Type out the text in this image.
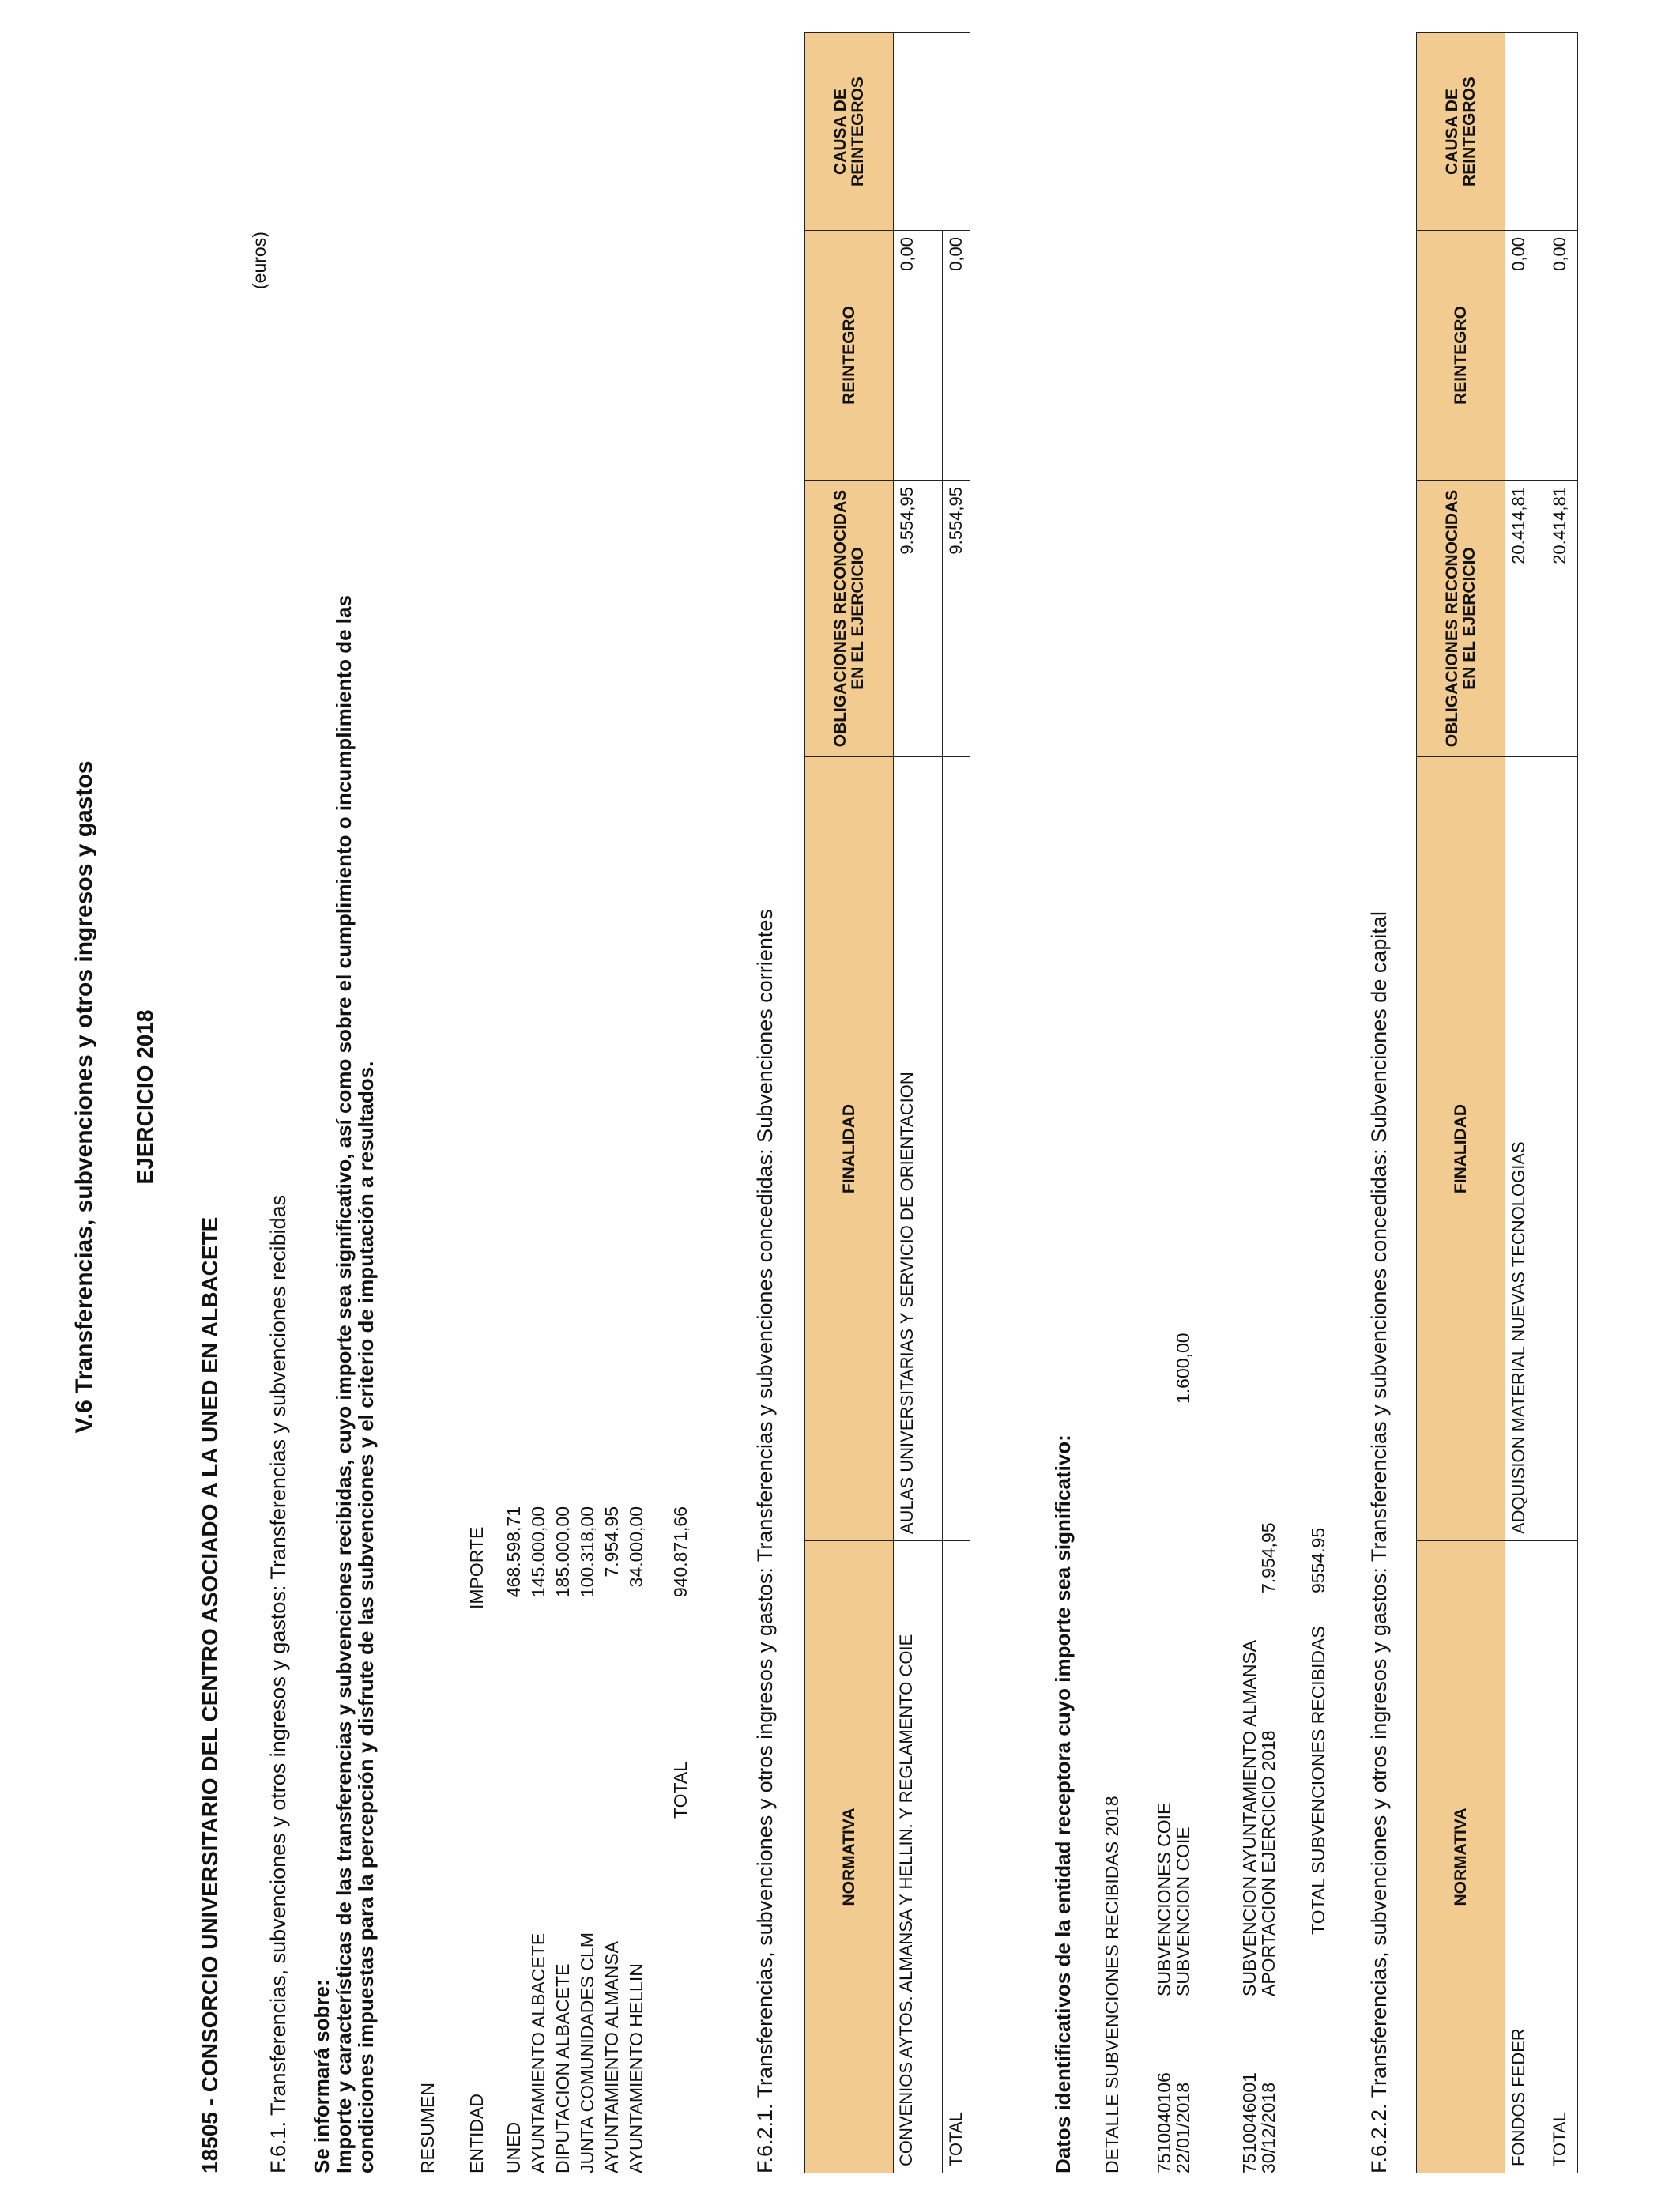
V.6 Transferencias, subvenciones y otros ingresos y gastos EJERCICIO 2018
(euros)
18505 - CONSORCIO UNIVERSITARIO DEL CENTRO ASOCIADO A LA UNED EN ALBACETE F.6.1. Transferencias, subvenciones y otros ingresos y gastos: Transferencias y subvenciones recibidas Se informará sobre:
Importe y características de las transferencias y subvenciones recibidas, cuyo importe sea significativo, así como sobre el cumplimiento o incumplimiento de las
condiciones impuestas para la percepción y disfrute de las subvenciones y el criterio de imputación a resultados. RESUMEN ENTIDAD
IMPORTE
UNED
468.598,71
AYUNTAMIENTO ALBACETE
145.000,00
DIPUTACION ALBACETE
185.000,00
JUNTA COMUNIDADES CLM
100.318,00
AYUNTAMIENTO ALMANSA
7.954,95
AYUNTAMIENTO HELLIN
34.000,00
TOTAL
940.871,66	F.6.2.1. Transferencias, subvenciones y otros ingresos y gastos: Transferencias y subvenciones concedidas: Subvenciones corrientes	NORMATIVA	FINALIDAD	OBLIGACIONES RECONOCIDAS EN EL EJERCICIO	REINTEGRO	CAUSA DE REINTEGROS
CONVENIOS AYTOS. ALMANSA Y HELLIN. Y REGLAMENTO COIE	AULAS UNIVERSITARIAS Y SERVICIO DE ORIENTACION	9.554,95	0,00	
TOTAL		9.554,95	0,00	
Datos identificativos de la entidad receptora cuyo importe sea significativo: DETALLE SUBVENCIONES RECIBIDAS 2018 7510040106
22/01/2018
SUBVENCIONES COIE
SUBVENCION COIE
1.600,00
7510046001
30/12/2018
SUBVENCION AYUNTAMIENTO ALMANSA
APORTACION EJERCICIO 2018
7.954,95
TOTAL SUBVENCIONES RECIBIDAS
9554.95 F.6.2.2. Transferencias, subvenciones y otros ingresos y gastos: Transferencias y subvenciones concedidas: Subvenciones de capital	NORMATIVA	FINALIDAD	OBLIGACIONES RECONOCIDAS EN EL EJERCICIO	REINTEGRO	CAUSA DE REINTEGROS
FONDOS FEDER	ADQUISION MATERIAL NUEVAS TECNOLOGIAS	20.414,81	0,00	
TOTAL		20.414,81	0,00	
